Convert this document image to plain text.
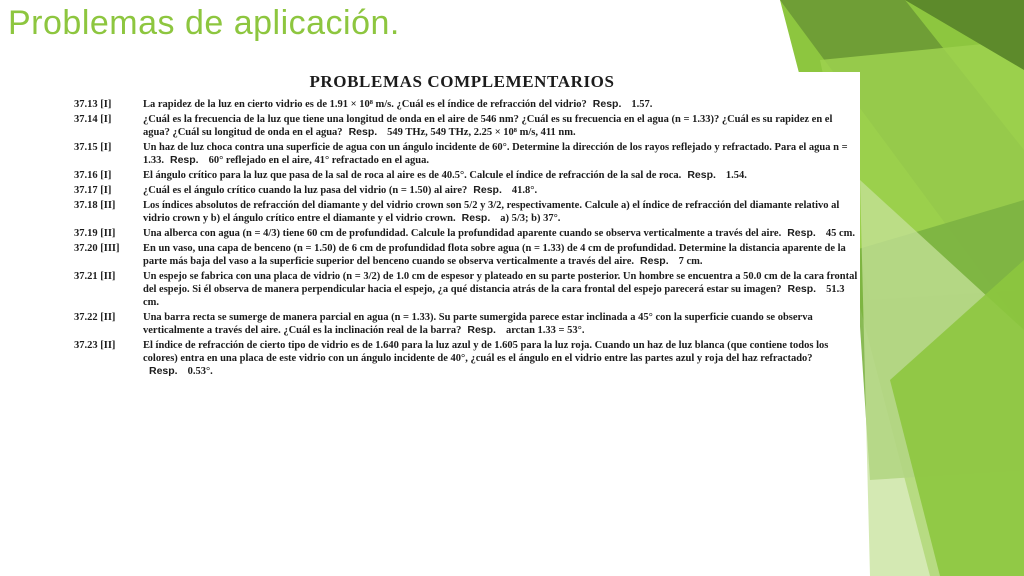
Problemas de aplicación.
PROBLEMAS COMPLEMENTARIOS
37.13 [I]	La rapidez de la luz en cierto vidrio es de 1.91 × 10⁸ m/s. ¿Cuál es el índice de refracción del vidrio? Resp. 1.57.
37.14 [I]	¿Cuál es la frecuencia de la luz que tiene una longitud de onda en el aire de 546 nm? ¿Cuál es su frecuencia en el agua (n = 1.33)? ¿Cuál es su rapidez en el agua? ¿Cuál su longitud de onda en el agua? Resp. 549 THz, 549 THz, 2.25 × 10⁸ m/s, 411 nm.
37.15 [I]	Un haz de luz choca contra una superficie de agua con un ángulo incidente de 60°. Determine la dirección de los rayos reflejado y refractado. Para el agua n = 1.33. Resp. 60° reflejado en el aire, 41° refractado en el agua.
37.16 [I]	El ángulo crítico para la luz que pasa de la sal de roca al aire es de 40.5°. Calcule el índice de refracción de la sal de roca. Resp. 1.54.
37.17 [I]	¿Cuál es el ángulo crítico cuando la luz pasa del vidrio (n = 1.50) al aire? Resp. 41.8°.
37.18 [II]	Los índices absolutos de refracción del diamante y del vidrio crown son 5/2 y 3/2, respectivamente. Calcule a) el índice de refracción del diamante relativo al vidrio crown y b) el ángulo crítico entre el diamante y el vidrio crown. Resp. a) 5/3; b) 37°.
37.19 [II]	Una alberca con agua (n = 4/3) tiene 60 cm de profundidad. Calcule la profundidad aparente cuando se observa verticalmente a través del aire. Resp. 45 cm.
37.20 [III]	En un vaso, una capa de benceno (n = 1.50) de 6 cm de profundidad flota sobre agua (n = 1.33) de 4 cm de profundidad. Determine la distancia aparente de la parte más baja del vaso a la superficie superior del benceno cuando se observa verticalmente a través del aire. Resp. 7 cm.
37.21 [II]	Un espejo se fabrica con una placa de vidrio (n = 3/2) de 1.0 cm de espesor y plateado en su parte posterior. Un hombre se encuentra a 50.0 cm de la cara frontal del espejo. Si él observa de manera perpendicular hacia el espejo, ¿a qué distancia atrás de la cara frontal del espejo parecerá estar su imagen? Resp. 51.3 cm.
37.22 [II]	Una barra recta se sumerge de manera parcial en agua (n = 1.33). Su parte sumergida parece estar inclinada a 45° con la superficie cuando se observa verticalmente a través del aire. ¿Cuál es la inclinación real de la barra? Resp. arctan 1.33 = 53°.
37.23 [II]	El índice de refracción de cierto tipo de vidrio es de 1.640 para la luz azul y de 1.605 para la luz roja. Cuando un haz de luz blanca (que contiene todos los colores) entra en una placa de este vidrio con un ángulo incidente de 40°, ¿cuál es el ángulo en el vidrio entre las partes azul y roja del haz refractado?Resp. 0.53°.
